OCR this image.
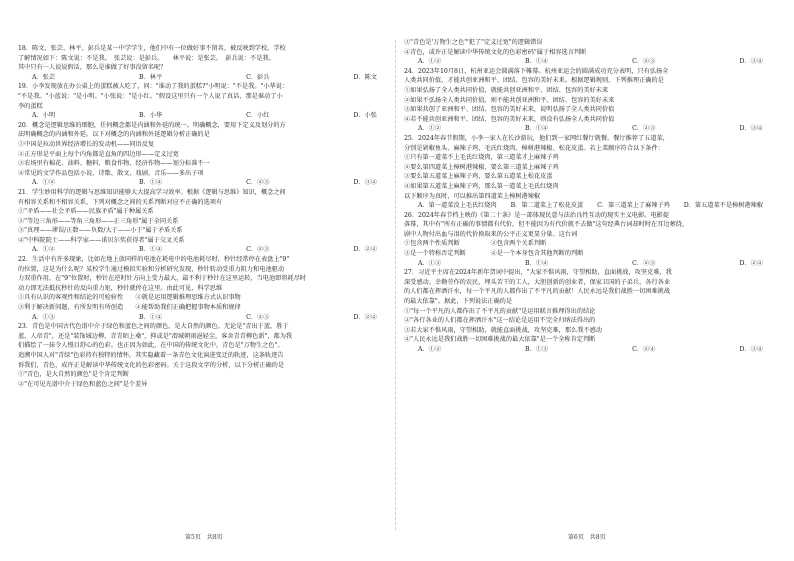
18．陈文、张芸、林平、彭兵是某一中学学生，他们中有一位做好事不留名，被反映到学校。学校
了解情况如下：陈文说：不是我。　张芸说：是彭兵。　　林平说：是张芸。　彭兵说：不是我。
其中只有一人说说假话，那么是谁做了好事没留名呢？
A．张芸	B．林平	C．彭兵	D．陈文
19．小李发现放在办公桌上的蛋糕被人吃了，问："谁动了我的蛋糕?"小明说："不是我。"小华说：
"不是我。"小蓝说："是小明。"小张说："是小红。"假设这里只有一个人说了真话，那是谁动了小
李的蛋糕
A．小明	B．小华	C．小红	D．小张
20．概念是逻辑思维的细胞，任何概念都是内涵和外延的统一。明确概念，要用下定义及划分的方
法明确概念的内涵和外延。以下对概念的内涵和外延逻辑分析正确的是
①中国是拉动世界经济增长的发动机——同语反复
②正方形是平面上每个内角都是直角的四边形——定义过宽
③农场里有棉花、油料、糖料、粮食作物、经济作物——划分标准不一
④常见的文学作品包括小说、诗歌、散文、戏剧、音乐——多出子项
A．①②	B．①④	C．②③	D．③④
21．学生妙用科学的逻辑与思维知识能够大大提高学习效率。根据《逻辑与思维》知识，概念之间
有相容关系和不相容关系，下列对概念之间的关系判断对应不正确的选项有
①"矛盾——社会矛盾——民族矛盾"属于种属关系
②"等边三角形——等角三角形——正三角形"属于全同关系
③"真理——谬误/正数——负数/大于——小于"属于矛盾关系
④"中科院院士——科学家——诺贝尔奖获得者"属于交叉关系
A．①②	B．①④	C．②③	D．②④
22．生活中有许多现象，比如在地上放同样的电池在耗电中的电池耗尽时，秒针经常停在表盘上"9"
的位置，这是为什么呢？某校学生通过模拟实验和分析研究发现，秒针转动受重力阻力和电池驱动
力双重作用，在"9"位置时，秒针在逆时针方向上受力最大，最不利于秒针在这里运转，当电池即将耗尽时
动力即无法抵抗秒针的反向重力矩，秒针就停在这里。由此可见，科学思维
①具有认识的客观性和结论的可检验性　　②就是运用逻辑推理思维方式认识事物
③利于解决新问题，有所发明有所创造　　④能帮助我们正确把握事物本质和规律
A．①③	B．①④	C．②③	D．②④
23．青色是中国古代色谱中介于绿色和蓝色之间的颜色，是大自然的颜色。无论是"青出于蓝，胜于
蓝，人帝青"，还是"装饰城边柳，青青陌上桑"，抑或是"渭城朝雨浥轻尘，客舍青青柳色新"，都为我
们描绘了一抹令人慢目舒心的色彩。也正因为如此，在中国的传统文化中，青色是"万物生之色"。
追溯中国人对"青绿"色彩持有独特的情怀，其实隐藏着一条青色文化演进变迁的轨迹，这条轨迹告
诉我们，青色，成许正是解读中华传统文化的色彩密码。关于这段文字的分析，以下分析正确的是
①"青色，是大自然的颜色"是个肯定判断
②"在可见光谱中介于绿色和蓝色之间"是个差异
③"青色是'万物生之色'"犯了"定义过宽"的逻辑错误
④青色，或许正是解读中华传统文化的色彩密码"属于相容选言判断
A．①②	B．①④	C．②③	D．③④
24．2023年10月8日，杭州亚运会圆满落下帷幕。杭州亚运会的圆满成功充分表明，只有弘扬全
人类共同价值，才能共创亚洲和平、团结、包容的美好未来。根据逻辑规则，下列推理正确的是
①如果弘扬了全人类共同价值，就能共创亚洲和平、团结、包容的美好未来
②如果不弘扬全人类共同价值，则不能共创亚洲和平、团结、包容的美好未来
③如果共创了亚洲和平、团结、包容的美好未来，说明弘扬了全人类共同价值
④若不能共创亚洲和平、团结、包容的美好未来，则没有弘扬全人类共同价值
A．①②	B．①④	C．②③	D．③④
25．2024年春节假期，小李一家人在长沙游玩，他们到一家网红餐厅就餐。餐厅推荐了五道菜，
分别是剁椒鱼头、麻辣子鸡、毛氏红烧肉、樟树港辣椒、松花皮蛋。若上菜顺序符合以下条件：
①只有第一道菜不上毛氏红烧肉，第三道菜才上麻辣子鸡
②要么第四道菜上樟树港辣椒，要么第三道菜上麻辣子鸡
③要么第五道菜上麻辣子鸡，要么第五道菜上松花皮蛋
④如果第五道菜上麻辣子鸡，那么第一道菜上毛氏红烧肉
以下顺序为真时，可以推出第四道菜上樟树港辣椒
A．第一道菜没上毛氏红烧肉 B．第二道菜上了松花皮蛋 C．第三道菜上了麻辣子鸡 D．第五道菜不是樟树港辣椒
26．2024年春节档上映的《第二十条》是一部体现民意与法治良性互动的现实主义电影。电影提
落幕，其中有"所有正确的事情都有代价，但不能因为有代价就不去做"这句经典台词却时时在耳边萦绕，
剧中人物付出血与泪的代价换取来的公平正义更显分量。这台词
①包含两个性质判断　　　　　②包含两个关系判断
③是一个特称否定判断　　　　④是一个本身包含其他判断的判断
A．①③	B．①④	C．②③	D．②④
27．习近平主席在2024年新年贺词中提出，"大家不惧风雨，守望相助，直面挑战，攻坚克难，我
深受感动。幸勤劳作的农民，埋头苦干的工人，大胆创新的创业者，保家卫国的子弟兵，各行各业
的人们都在挥洒汗水，每一个平凡的人都作出了不平凡的贡献！人民永远是我们战胜一切困难挑战
的最大依靠"。据此，下列说法正确的是
①"每一个平凡的人都作出了不平凡的贡献"是运用联言推理得出的结论
②"各行各业的人们都在挥洒汗水"这一结论是运用不完全归纳法得出的
③若大家不惧风雨，守望相助，就能直面挑战，攻坚克难，那么我不感动
④"人民永远是我们战胜一切困难挑战的最大依靠"是一个全称肯定判断
A．①②	B．①③	C．②④	D．③④
第5页　共8页	第6页　共8页
